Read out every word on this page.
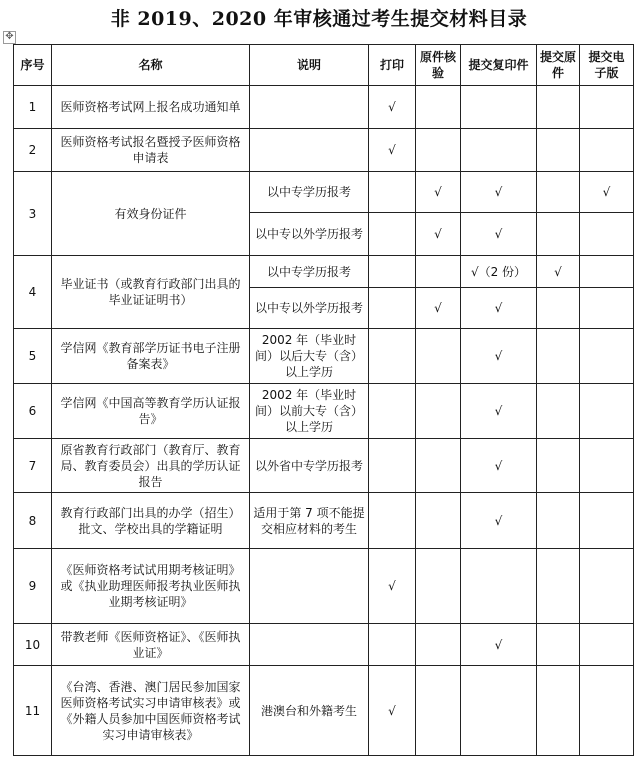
非 2019、2020 年审核通过考生提交材料目录
✥
序号	名称	说明	打印	原件核验	提交复印件	提交原件	提交电子版
1	医师资格考试网上报名成功通知单		√				
2	医师资格考试报名暨授予医师资格申请表		√				
3	有效身份证件	以中专学历报考		√	√		√
		以中专以外学历报考		√	√		
4	毕业证书（或教育行政部门出具的毕业证证明书）	以中专学历报考			√（2 份）	√	
		以中专以外学历报考		√	√		
5	学信网《教育部学历证书电子注册备案表》	2002 年（毕业时间）以后大专（含）以上学历			√		
6	学信网《中国高等教育学历认证报告》	2002 年（毕业时间）以前大专（含）以上学历			√		
7	原省教育行政部门（教育厅、教育局、教育委员会）出具的学历认证报告	以外省中专学历报考			√		
8	教育行政部门出具的办学（招生）批文、学校出具的学籍证明	适用于第 7 项不能提交相应材料的考生			√		
9	《医师资格考试试用期考核证明》或《执业助理医师报考执业医师执业期考核证明》		√				
10	带教老师《医师资格证》、《医师执业证》				√		
11	《台湾、香港、澳门居民参加国家医师资格考试实习申请审核表》或《外籍人员参加中国医师资格考试实习申请审核表》	港澳台和外籍考生	√				
